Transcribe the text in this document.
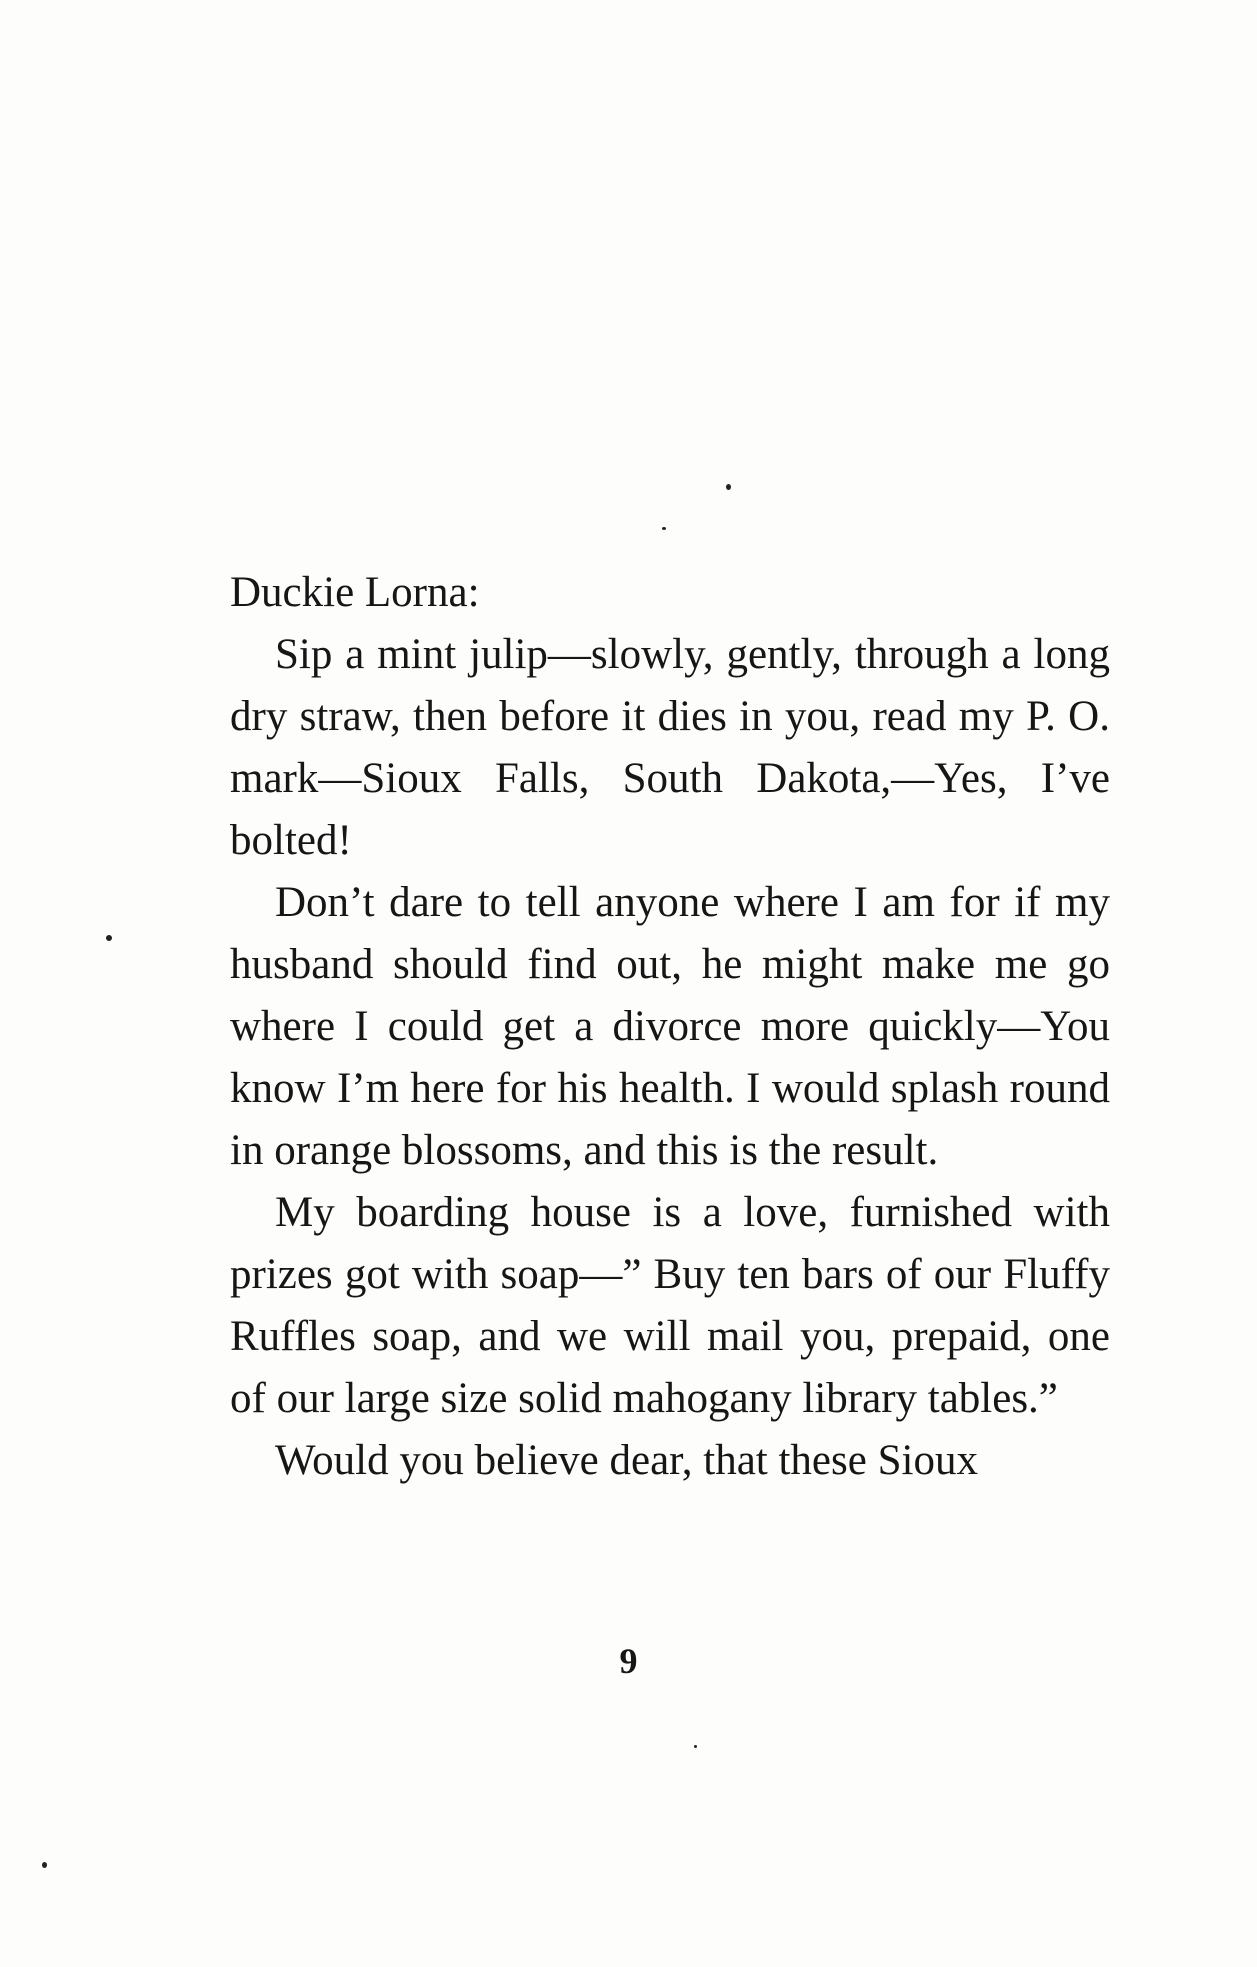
Duckie Lorna:

Sip a mint julip—slowly, gently, through a long dry straw, then before it dies in you, read my P. O. mark—Sioux Falls, South Dakota,—Yes, I’ve bolted!

Don’t dare to tell anyone where I am for if my husband should find out, he might make me go where I could get a divorce more quickly—You know I’m here for his health. I would splash round in orange blossoms, and this is the result.

My boarding house is a love, furnished with prizes got with soap—” Buy ten bars of our Fluffy Ruffles soap, and we will mail you, prepaid, one of our large size solid mahogany library tables.”

Would you believe dear, that these Sioux

9
